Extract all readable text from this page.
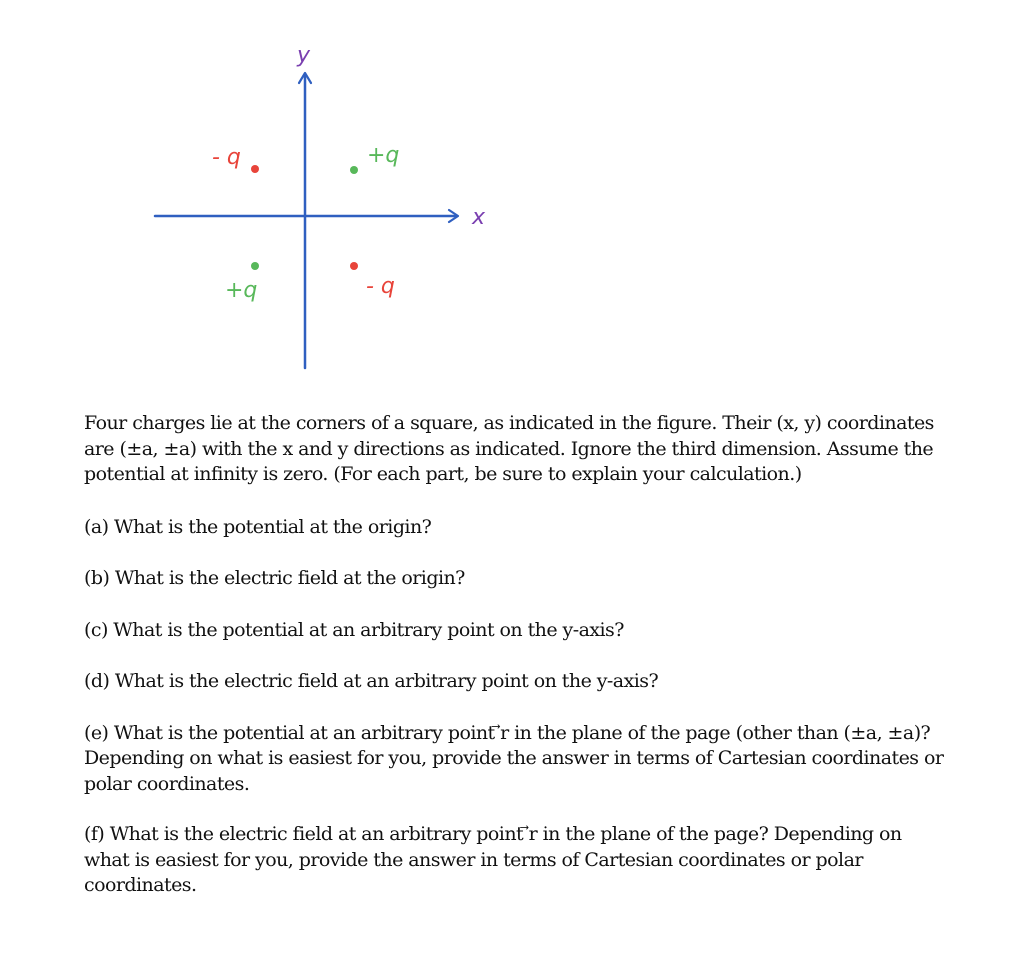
y
x
- q	+q
+q	- q

Four charges lie at the corners of a square, as indicated in the figure. Their (x, y) coordinates are (±a, ±a) with the x and y directions as indicated. Ignore the third dimension. Assume the potential at infinity is zero. (For each part, be sure to explain your calculation.)

(a) What is the potential at the origin?

(b) What is the electric field at the origin?

(c) What is the potential at an arbitrary point on the y-axis?

(d) What is the electric field at an arbitrary point on the y-axis?

(e) What is the potential at an arbitrary point ⃗r in the plane of the page (other than (±a, ±a)? Depending on what is easiest for you, provide the answer in terms of Cartesian coordinates or polar coordinates.

(f) What is the electric field at an arbitrary point ⃗r in the plane of the page? Depending on what is easiest for you, provide the answer in terms of Cartesian coordinates or polar coordinates.
